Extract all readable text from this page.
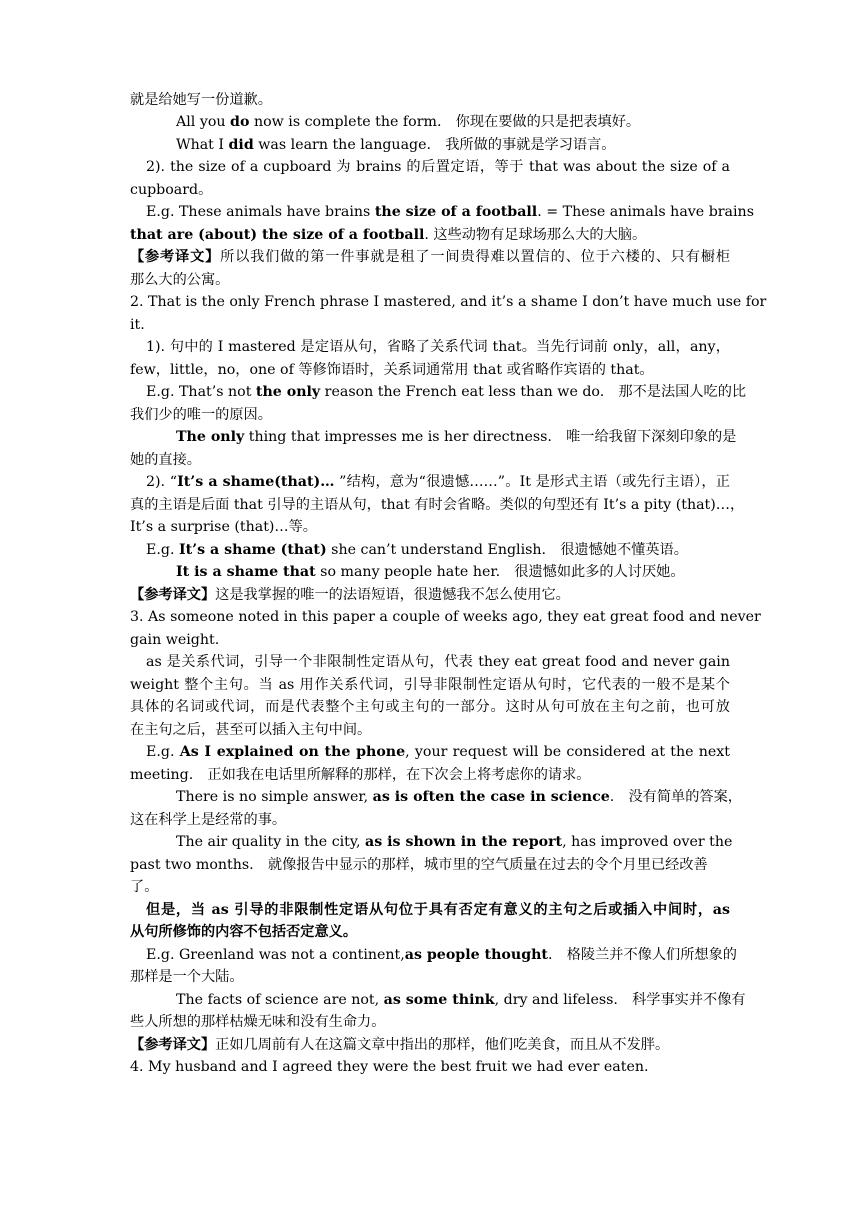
就是给她写一份道歉。
All you do now is complete the form.　你现在要做的只是把表填好。
What I did was learn the language.　我所做的事就是学习语言。
2). the size of a cupboard 为 brains 的后置定语，等于 that was about the size of a
cupboard。
E.g. These animals have brains the size of a football. = These animals have brains
that are (about) the size of a football. 这些动物有足球场那么大的大脑。
【参考译文】所以我们做的第一件事就是租了一间贵得难以置信的、位于六楼的、只有橱柜
那么大的公寓。
2. That is the only French phrase I mastered, and it’s a shame I don’t have much use for
it.
1). 句中的 I mastered 是定语从句，省略了关系代词 that。当先行词前 only，all，any，
few，little，no，one of 等修饰语时，关系词通常用 that 或省略作宾语的 that。
E.g. That’s not the only reason the French eat less than we do.　那不是法国人吃的比
我们少的唯一的原因。
The only thing that impresses me is her directness.　唯一给我留下深刻印象的是
她的直接。
2). “It’s a shame(that)… ”结构，意为“很遗憾……”。It 是形式主语（或先行主语），正
真的主语是后面 that 引导的主语从句，that 有时会省略。类似的句型还有 It’s a pity (that)…，
It’s a surprise (that)…等。
E.g. It’s a shame (that) she can’t understand English.　很遗憾她不懂英语。
It is a shame that so many people hate her.　很遗憾如此多的人讨厌她。
【参考译文】这是我掌握的唯一的法语短语，很遗憾我不怎么使用它。
3. As someone noted in this paper a couple of weeks ago, they eat great food and never
gain weight.
as 是关系代词，引导一个非限制性定语从句，代表 they eat great food and never gain
weight 整个主句。当 as 用作关系代词，引导非限制性定语从句时，它代表的一般不是某个
具体的名词或代词，而是代表整个主句或主句的一部分。这时从句可放在主句之前，也可放
在主句之后，甚至可以插入主句中间。
E.g. As I explained on the phone, your request will be considered at the next
meeting.　正如我在电话里所解释的那样，在下次会上将考虑你的请求。
There is no simple answer, as is often the case in science.　没有简单的答案，
这在科学上是经常的事。
The air quality in the city, as is shown in the report, has improved over the
past two months.　就像报告中显示的那样，城市里的空气质量在过去的令个月里已经改善
了。
但是，当 as 引导的非限制性定语从句位于具有否定有意义的主句之后或插入中间时，as
从句所修饰的内容不包括否定意义。
E.g. Greenland was not a continent,as people thought.　格陵兰并不像人们所想象的
那样是一个大陆。
The facts of science are not, as some think, dry and lifeless.　科学事实并不像有
些人所想的那样枯燥无味和没有生命力。
【参考译文】正如几周前有人在这篇文章中指出的那样，他们吃美食，而且从不发胖。
4. My husband and I agreed they were the best fruit we had ever eaten.
